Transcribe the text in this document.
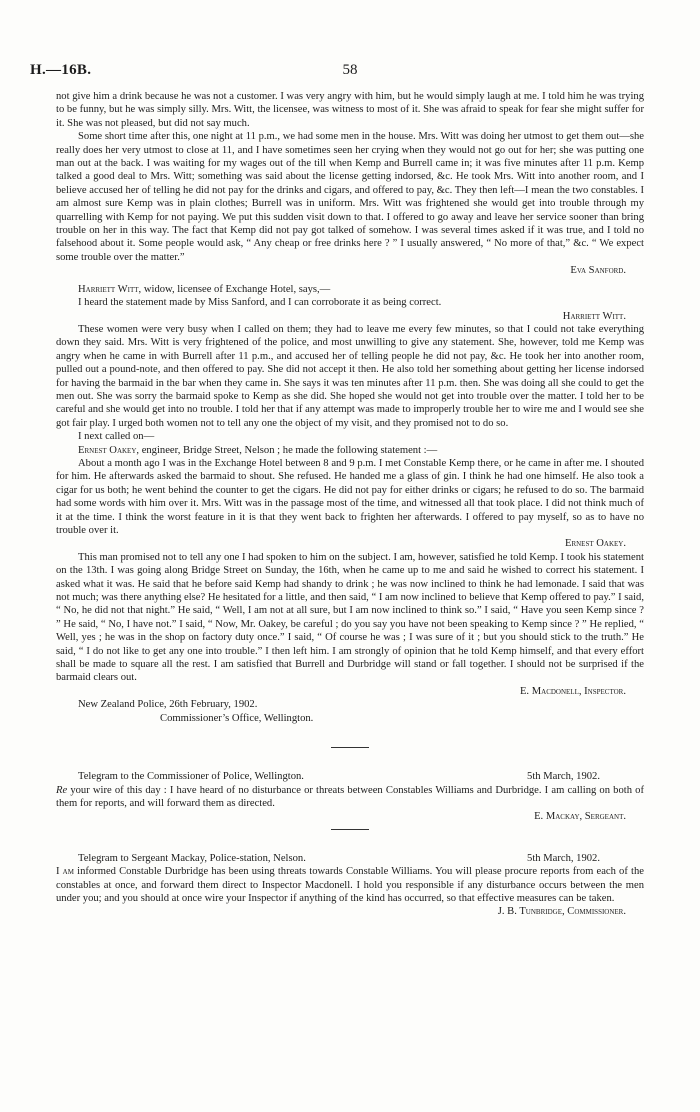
H.—16B.	58

not give him a drink because he was not a customer. I was very angry with him, but he would simply laugh at me. I told him he was trying to be funny, but he was simply silly. Mrs. Witt, the licensee, was witness to most of it. She was afraid to speak for fear she might suffer for it. She was not pleased, but did not say much.

Some short time after this, one night at 11 p.m., we had some men in the house. Mrs. Witt was doing her utmost to get them out—she really does her very utmost to close at 11, and I have sometimes seen her crying when they would not go out for her; she was putting one man out at the back. I was waiting for my wages out of the till when Kemp and Burrell came in; it was five minutes after 11 p.m. Kemp talked a good deal to Mrs. Witt; something was said about the license getting indorsed, &c. He took Mrs. Witt into another room, and I believe accused her of telling he did not pay for the drinks and cigars, and offered to pay, &c. They then left—I mean the two constables. I am almost sure Kemp was in plain clothes; Burrell was in uniform. Mrs. Witt was frightened she would get into trouble through my quarrelling with Kemp for not paying. We put this sudden visit down to that. I offered to go away and leave her service sooner than bring trouble on her in this way. The fact that Kemp did not pay got talked of somehow. I was several times asked if it was true, and I told no falsehood about it. Some people would ask, “ Any cheap or free drinks here ? ” I usually answered, “ No more of that,” &c. “ We expect some trouble over the matter.”

Eva Sanford.

Harriett Witt, widow, licensee of Exchange Hotel, says,—

I heard the statement made by Miss Sanford, and I can corroborate it as being correct.

Harriett Witt.

These women were very busy when I called on them; they had to leave me every few minutes, so that I could not take everything down they said. Mrs. Witt is very frightened of the police, and most unwilling to give any statement. She, however, told me Kemp was angry when he came in with Burrell after 11 p.m., and accused her of telling people he did not pay, &c. He took her into another room, pulled out a pound-note, and then offered to pay. She did not accept it then. He also told her something about getting her license indorsed for having the barmaid in the bar when they came in. She says it was ten minutes after 11 p.m. then. She was doing all she could to get the men out. She was sorry the barmaid spoke to Kemp as she did. She hoped she would not get into trouble over the matter. I told her to be careful and she would get into no trouble. I told her that if any attempt was made to improperly trouble her to wire me and I would see she got fair play. I urged both women not to tell any one the object of my visit, and they promised not to do so.

I next called on—

Ernest Oakey, engineer, Bridge Street, Nelson ; he made the following statement :—

About a month ago I was in the Exchange Hotel between 8 and 9 p.m. I met Constable Kemp there, or he came in after me. I shouted for him. He afterwards asked the barmaid to shout. She refused. He handed me a glass of gin. I think he had one himself. He also took a cigar for us both; he went behind the counter to get the cigars. He did not pay for either drinks or cigars; he refused to do so. The barmaid had some words with him over it. Mrs. Witt was in the passage most of the time, and witnessed all that took place. I did not think much of it at the time. I think the worst feature in it is that they went back to frighten her afterwards. I offered to pay myself, so as to have no trouble over it.

Ernest Oakey.

This man promised not to tell any one I had spoken to him on the subject. I am, however, satisfied he told Kemp. I took his statement on the 13th. I was going along Bridge Street on Sunday, the 16th, when he came up to me and said he wished to correct his statement. I asked what it was. He said that he before said Kemp had shandy to drink ; he was now inclined to think he had lemonade. I said that was not much; was there anything else? He hesitated for a little, and then said, “ I am now inclined to believe that Kemp offered to pay.” I said, “ No, he did not that night.” He said, “ Well, I am not at all sure, but I am now inclined to think so.” I said, “ Have you seen Kemp since ? ” He said, “ No, I have not.” I said, “ Now, Mr. Oakey, be careful ; do you say you have not been speaking to Kemp since ? ” He replied, “ Well, yes ; he was in the shop on factory duty once.” I said, “ Of course he was ; I was sure of it ; but you should stick to the truth.” He said, “ I do not like to get any one into trouble.” I then left him. I am strongly of opinion that he told Kemp himself, and that every effort shall be made to square all the rest. I am satisfied that Burrell and Durbridge will stand or fall together. I should not be surprised if the barmaid clears out.

E. Macdonell, Inspector.

New Zealand Police, 26th February, 1902.

Commissioner’s Office, Wellington.

Telegram to the Commissioner of Police, Wellington.	5th March, 1902.

Re your wire of this day : I have heard of no disturbance or threats between Constables Williams and Durbridge. I am calling on both of them for reports, and will forward them as directed.

E. Mackay, Sergeant.

Telegram to Sergeant Mackay, Police-station, Nelson.	5th March, 1902.

I am informed Constable Durbridge has been using threats towards Constable Williams. You will please procure reports from each of the constables at once, and forward them direct to Inspector Macdonell. I hold you responsible if any disturbance occurs between the men under you; and you should at once wire your Inspector if anything of the kind has occurred, so that effective measures can be taken.

J. B. Tunbridge, Commissioner.
